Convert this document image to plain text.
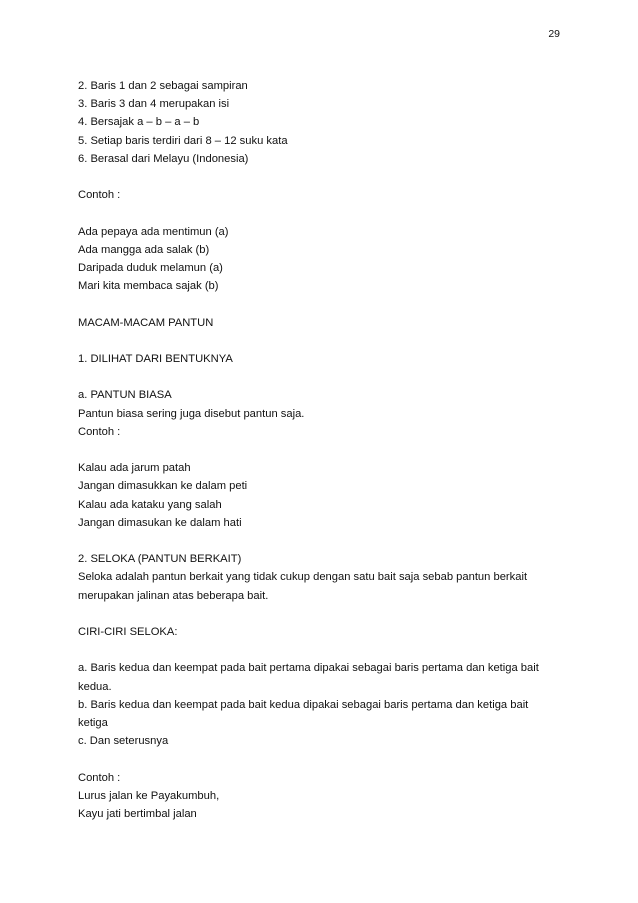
29
2. Baris 1 dan 2 sebagai sampiran
3. Baris 3 dan 4 merupakan isi
4. Bersajak a – b – a – b
5. Setiap baris terdiri dari 8 – 12 suku kata
6. Berasal dari Melayu (Indonesia)
Contoh :
Ada pepaya ada mentimun (a)
Ada mangga ada salak (b)
Daripada duduk melamun (a)
Mari kita membaca sajak (b)
MACAM-MACAM PANTUN
1. DILIHAT DARI BENTUKNYA
a. PANTUN BIASA
Pantun biasa sering juga disebut pantun saja.
Contoh :
Kalau ada jarum patah
Jangan dimasukkan ke dalam peti
Kalau ada kataku yang salah
Jangan dimasukan ke dalam hati
2. SELOKA (PANTUN BERKAIT)
Seloka adalah pantun berkait yang tidak cukup dengan satu bait saja sebab pantun berkait
merupakan jalinan atas beberapa bait.
CIRI-CIRI SELOKA:
a. Baris kedua dan keempat pada bait pertama dipakai sebagai baris pertama dan ketiga bait
kedua.
b. Baris kedua dan keempat pada bait kedua dipakai sebagai baris pertama dan ketiga bait
ketiga
c. Dan seterusnya
Contoh :
Lurus jalan ke Payakumbuh,
Kayu jati bertimbal jalan
